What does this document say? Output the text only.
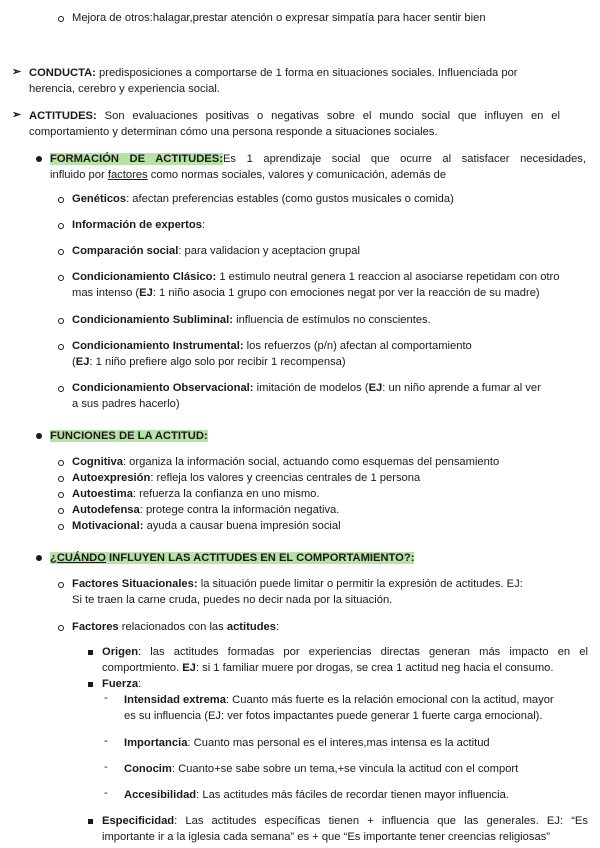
Mejora de otros:halagar,prestar atención o expresar simpatía para hacer sentir bien
➢ CONDUCTA: predisposiciones a comportarse de 1 forma en situaciones sociales. Influenciada por
herencia, cerebro y experiencia social.
➢ ACTITUDES: Son evaluaciones positivas o negativas sobre el mundo social que influyen en el
comportamiento y determinan cómo una persona responde a situaciones sociales.
FORMACIÓN DE ACTITUDES:Es 1 aprendizaje social que ocurre al satisfacer necesidades,
influido por factores como normas sociales, valores y comunicación, además de
Genéticos: afectan preferencias estables (como gustos musicales o comida)
Información de expertos:
Comparación social: para validacion y aceptacion grupal
Condicionamiento Clásico: 1 estimulo neutral genera 1 reaccion al asociarse repetidam con otro
mas intenso (EJ: 1 niño asocia 1 grupo con emociones negat por ver la reacción de su madre)
Condicionamiento Subliminal: influencia de estímulos no conscientes.
Condicionamiento Instrumental: los refuerzos (p/n) afectan al comportamiento
(EJ: 1 niño prefiere algo solo por recibir 1 recompensa)
Condicionamiento Observacional: imitación de modelos (EJ: un niño aprende a fumar al ver
a sus padres hacerlo)
FUNCIONES DE LA ACTITUD:
Cognitiva: organiza la información social, actuando como esquemas del pensamiento
Autoexpresión: refleja los valores y creencias centrales de 1 persona
Autoestima: refuerza la confianza en uno mismo.
Autodefensa: protege contra la información negativa.
Motivacional: ayuda a causar buena impresión social
¿CUÁNDO INFLUYEN LAS ACTITUDES EN EL COMPORTAMIENTO?:
Factores Situacionales: la situación puede limitar o permitir la expresión de actitudes. EJ:
Si te traen la carne cruda, puedes no decir nada por la situación.
Factores relacionados con las actitudes:
Origen: las actitudes formadas por experiencias directas generan más impacto en el
comportmiento. EJ: si 1 familiar muere por drogas, se crea 1 actitud neg hacia el consumo.
Fuerza:
- Intensidad extrema: Cuanto más fuerte es la relación emocional con la actitud, mayor
es su influencia (EJ: ver fotos impactantes puede generar 1 fuerte carga emocional).
- Importancia: Cuanto mas personal es el interes,mas intensa es la actitud
- Conocim: Cuanto+se sabe sobre un tema,+se vincula la actitud con el comport
- Accesibilidad: Las actitudes más fáciles de recordar tienen mayor influencia.
Especificidad: Las actitudes específicas tienen + influencia que las generales. EJ: “Es
importante ir a la iglesia cada semana” es + que “Es importante tener creencias religiosas”
